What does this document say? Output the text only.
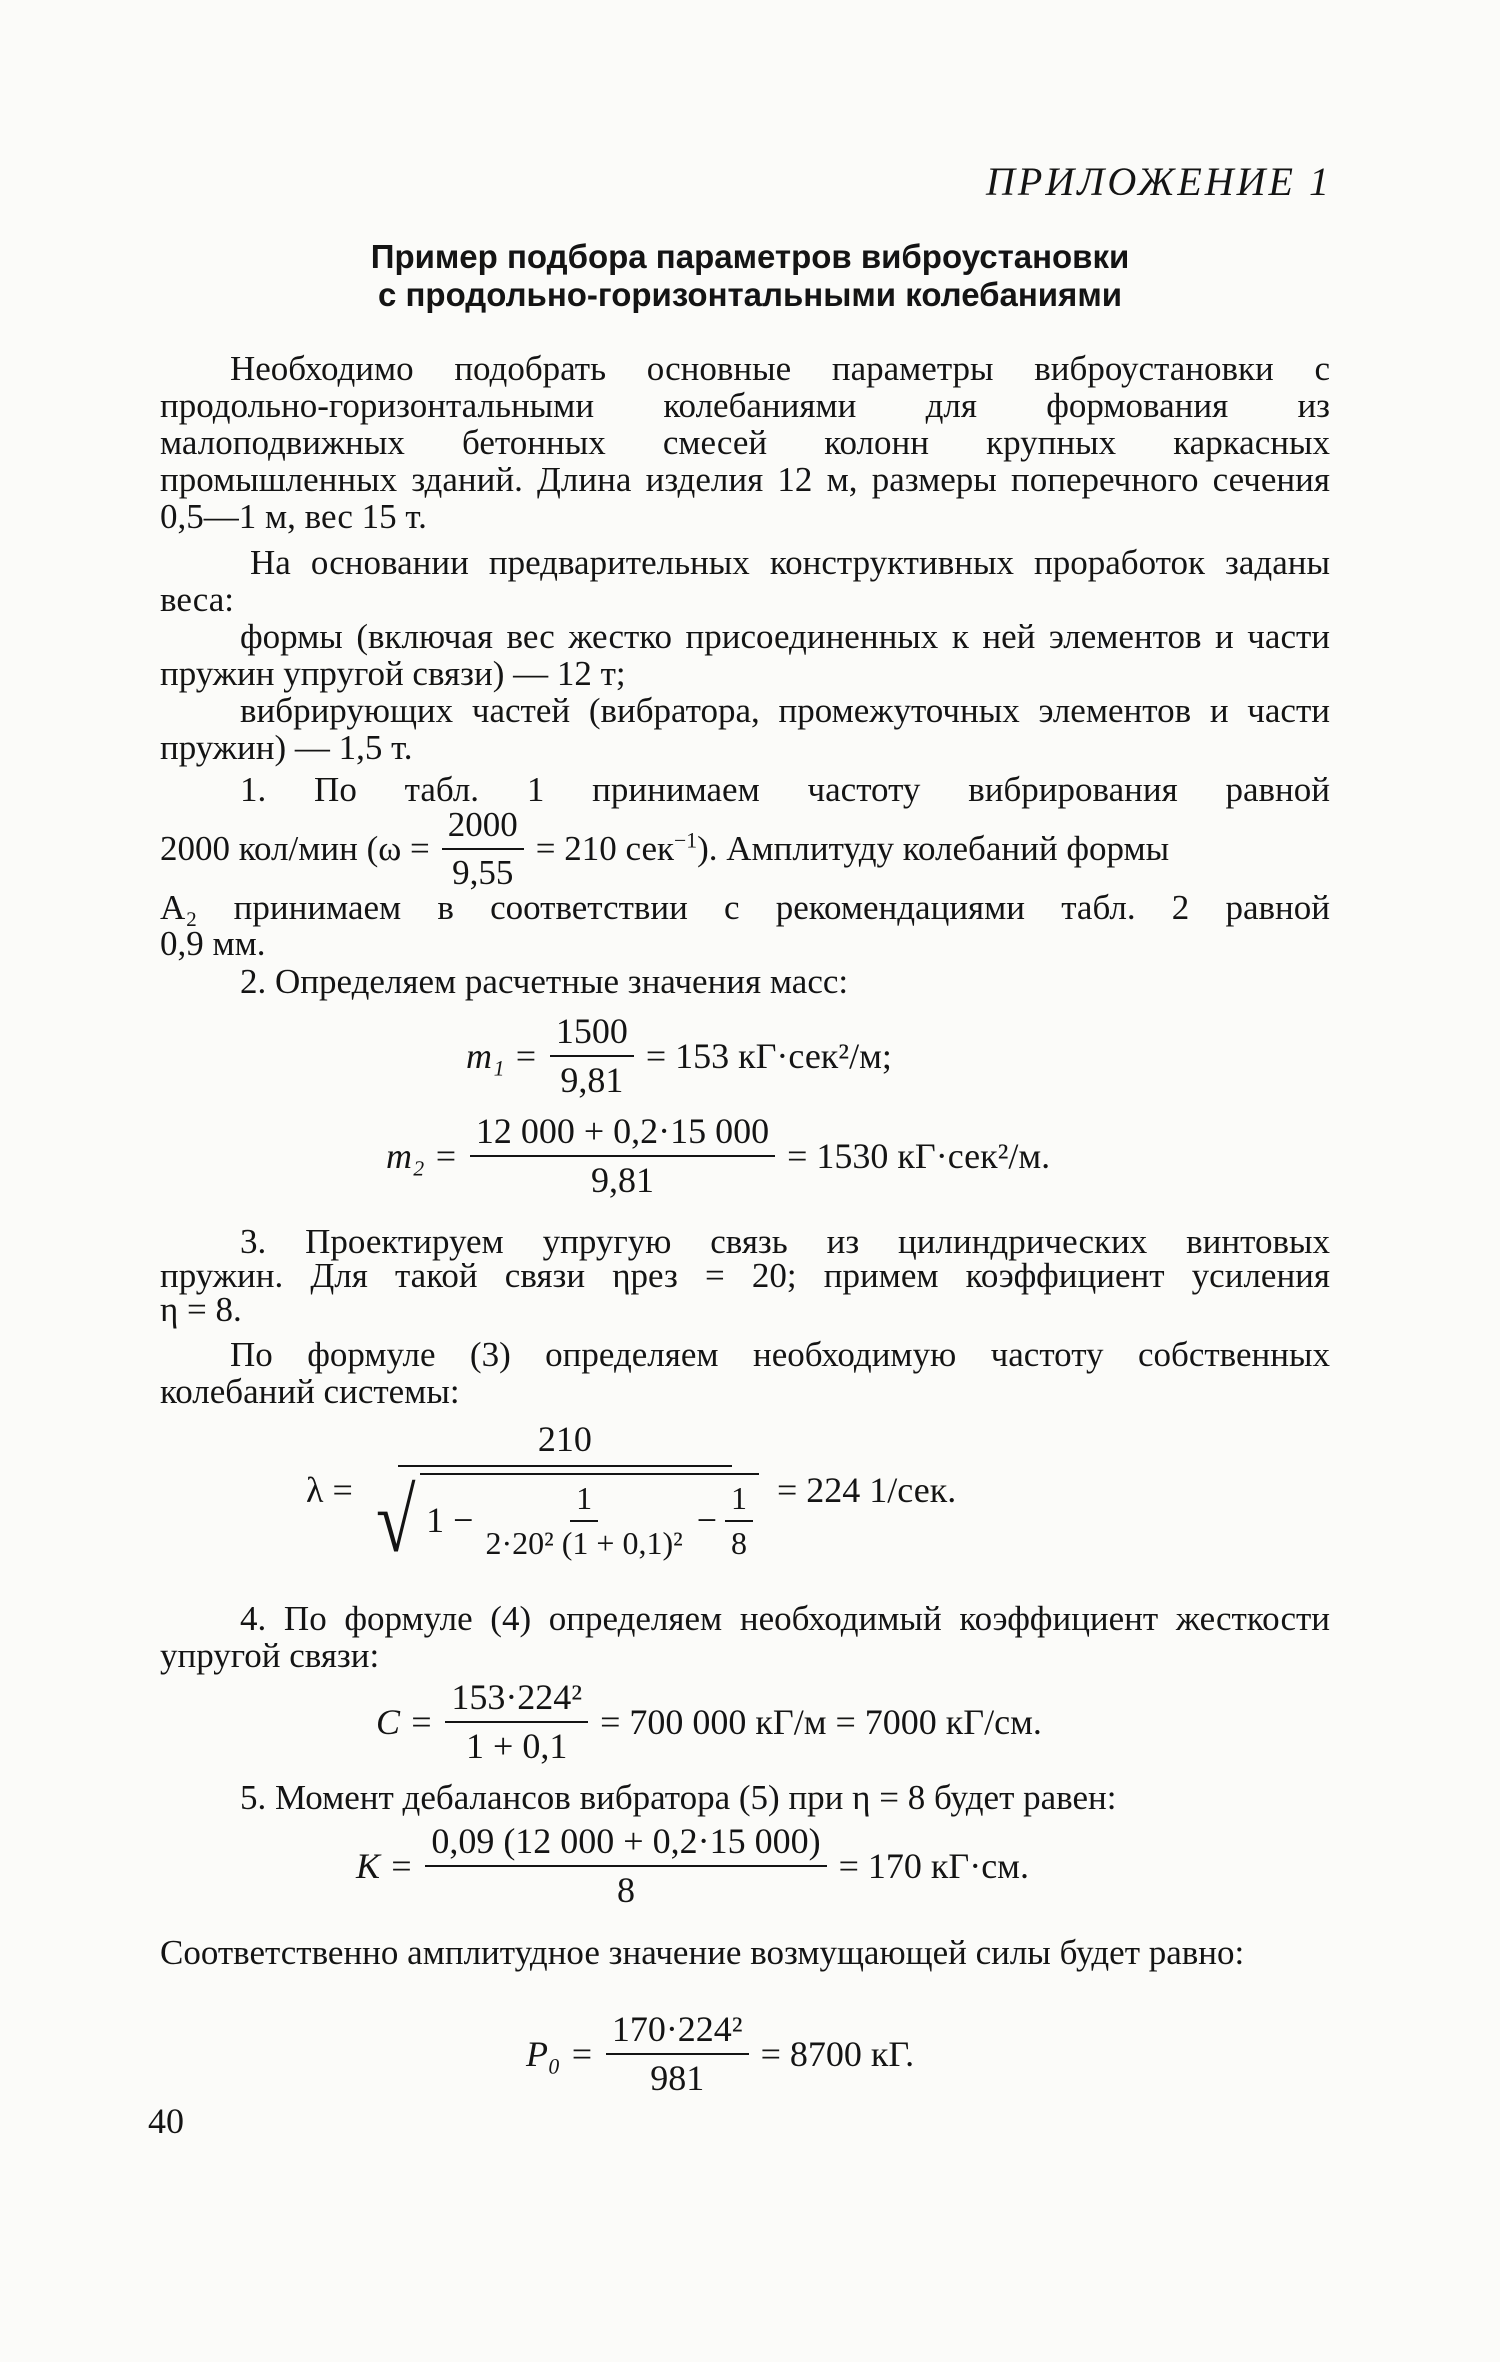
ПРИЛОЖЕНИЕ 1
Пример подбора параметров виброустановки
с продольно-горизонтальными колебаниями
Необходимо подобрать основные параметры виброустановки с продольно-горизонтальными колебаниями для формования из малоподвижных бетонных смесей колонн крупных каркасных промышленных зданий. Длина изделия 12 м, размеры поперечного сечения 0,5—1 м, вес 15 т.
На основании предварительных конструктивных проработок заданы веса:
формы (включая вес жестко присоединенных к ней элементов и части пружин упругой связи) — 12 т;
вибрирующих частей (вибратора, промежуточных элементов и части пружин) — 1,5 т.
1. По табл. 1 принимаем частоту вибрирования равной
2000 кол/мин ($\omega = \frac{2000}{9,55} = 210$ сек$^{-1}$). Амплитуду колебаний формы
A₂ принимаем в соответствии с рекомендациями табл. 2 равной
0,9 мм.
2. Определяем расчетные значения масс:
$m_1 = \frac{1500}{9,81} = 153$ кГ·сек²/м;
$m_2 = \frac{12 000 + 0,2\cdot 15 000}{9,81} = 1530$ кГ·сек²/м.
3. Проектируем упругую связь из цилиндрических винтовых
пружин. Для такой связи ηрез = 20; примем коэффициент усиления
η = 8.
По формуле (3) определяем необходимую частоту собственных колебаний системы:
λ =
210
√ $1 - \frac{1}{\text{2·20² (1 + 0,1)²}} - \frac{1}{8} = 224$ 1/сек.
4. По формуле (4) определяем необходимый коэффициент жесткости упругой связи:
$C = \frac{\text{153·224²}}{1 + 0,1} = 700$ 000 кГ/м = 7000 кГ/см.
5. Момент дебалансов вибратора (5) при η = 8 будет равен:
$K = \frac{0,09 (12 000 + 0,2\cdot 15 000)}{8} = 170$ кГ·см.
Соответственно амплитудное значение возмущающей силы будет равно:
$P_0 = \frac{\text{170·224²}}{981} = 8700$ кГ.
40
